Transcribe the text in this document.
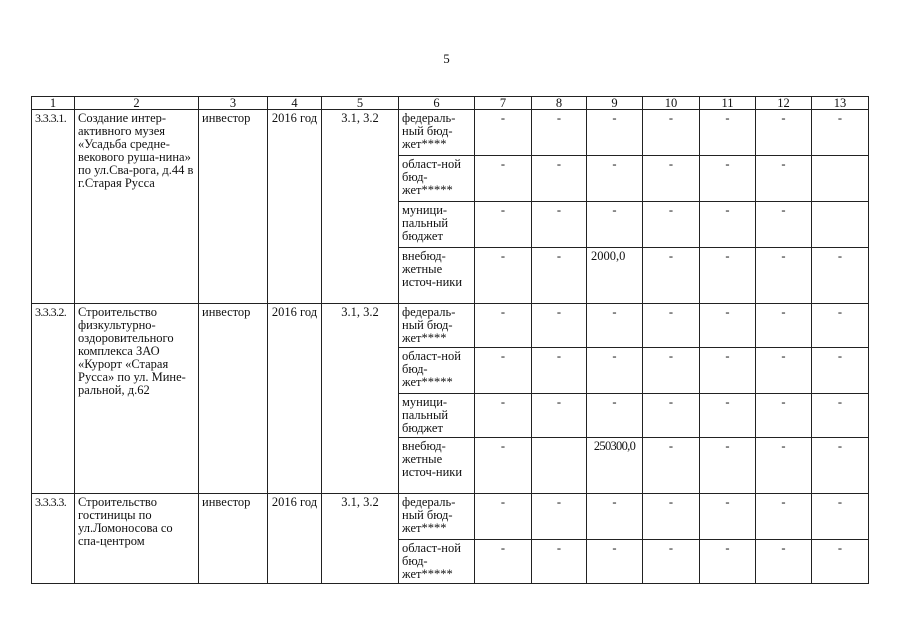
5
1	2	3	4	5	6	7	8	9	10	11	12	13
3.3.3.1.	Создание интер-активного музея «Усадьба средне-векового руша-нина» по ул.Сва-рога, д.44 в г.Старая Русса	инвестор	2016 год	3.1, 3.2	федераль-ный бюд-жет****	-	-	-	-	-	-	-
					област-ной бюд-жет*****	-	-	-	-	-	-	
					муници-пальный бюджет	-	-	-	-	-	-	
					внебюд-жетные источ-ники	-	-	2000,0	-	-	-	-
3.3.3.2.	Строительство физкультурно-оздоровительного комплекса ЗАО «Курорт «Старая Русса» по ул. Мине-ральной, д.62	инвестор	2016 год	3.1, 3.2	федераль-ный бюд-жет****	-	-	-	-	-	-	-
					област-ной бюд-жет*****	-	-	-	-	-	-	-
					муници-пальный бюджет	-	-	-	-	-	-	-
					внебюд-жетные источ-ники	-		250300,0	-	-	-	-
3.3.3.3.	Строительство гостиницы по ул.Ломоносова со спа-центром	инвестор	2016 год	3.1, 3.2	федераль-ный бюд-жет****	-	-	-	-	-	-	-
					област-ной бюд-жет*****	-	-	-	-	-	-	-
